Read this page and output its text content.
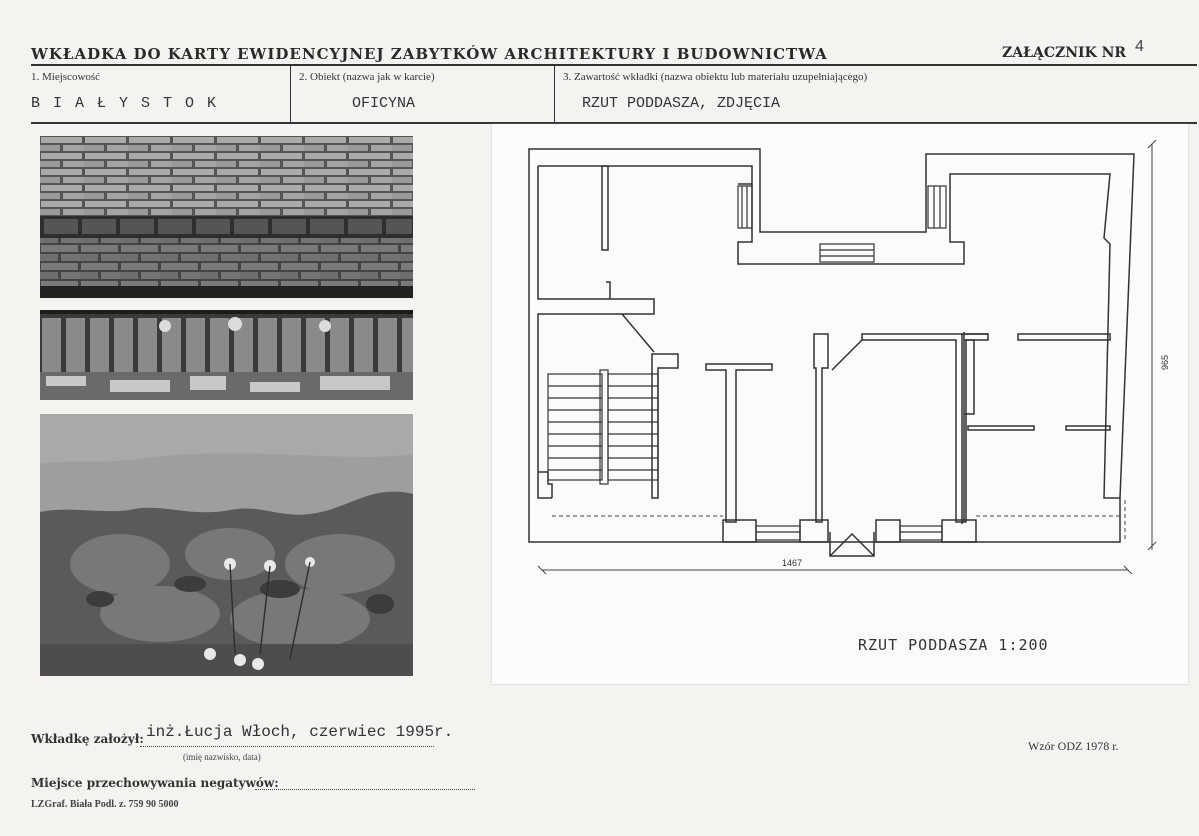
WKŁADKA DO KARTY EWIDENCYJNEJ ZABYTKÓW ARCHITEKTURY I BUDOWNICTWA	ZAŁĄCZNIK NR 4
1. Miejscowość
B I A Ł Y S T O K
2. Obiekt (nazwa jak w karcie)
OFICYNA
3. Zawartość wkładki (nazwa obiektu lub materiału uzupełniającego)
RZUT PODDASZA, ZDJĘCIA
1467
965
RZUT PODDASZA 1:200
Wkładkę założył: inż.Łucja Włoch, czerwiec 1995r.
(imię nazwisko, data)
Miejsce przechowywania negatywów:
LZGraf. Biała Podl. z. 759 90 5000
Wzór ODZ 1978 r.
